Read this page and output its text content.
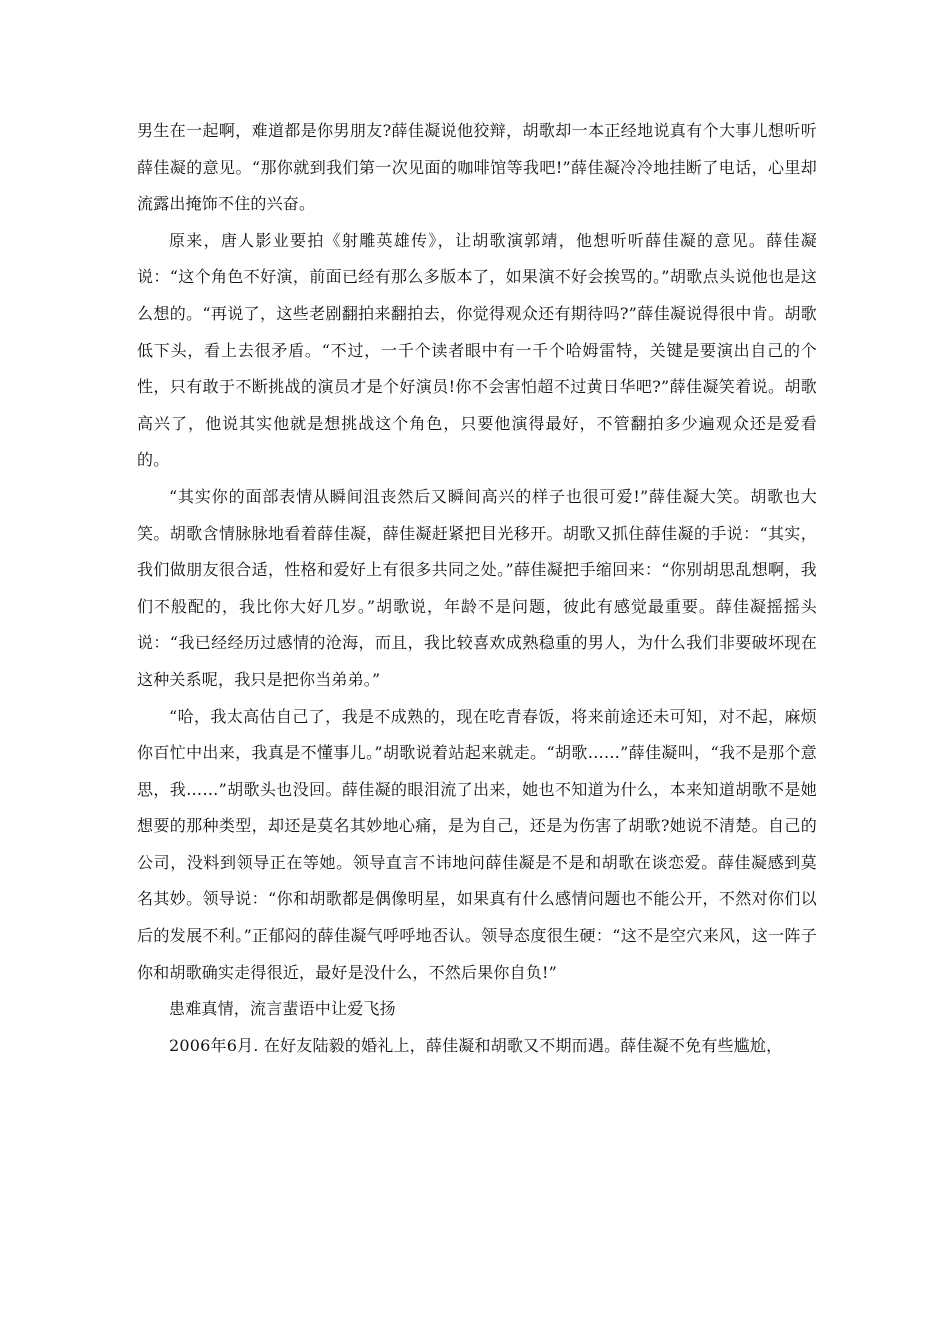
男生在一起啊，难道都是你男朋友?薛佳凝说他狡辩，胡歌却一本正经地说真有个大事儿想听听薛佳凝的意见。“那你就到我们第一次见面的咖啡馆等我吧!”薛佳凝冷冷地挂断了电话，心里却流露出掩饰不住的兴奋。

原来，唐人影业要拍《射雕英雄传》，让胡歌演郭靖，他想听听薛佳凝的意见。薛佳凝说：“这个角色不好演，前面已经有那么多版本了，如果演不好会挨骂的。”胡歌点头说他也是这么想的。“再说了，这些老剧翻拍来翻拍去，你觉得观众还有期待吗?”薛佳凝说得很中肯。胡歌低下头，看上去很矛盾。“不过，一千个读者眼中有一千个哈姆雷特，关键是要演出自己的个性，只有敢于不断挑战的演员才是个好演员!你不会害怕超不过黄日华吧?”薛佳凝笑着说。胡歌高兴了，他说其实他就是想挑战这个角色，只要他演得最好，不管翻拍多少遍观众还是爱看的。

“其实你的面部表情从瞬间沮丧然后又瞬间高兴的样子也很可爱!”薛佳凝大笑。胡歌也大笑。胡歌含情脉脉地看着薛佳凝，薛佳凝赶紧把目光移开。胡歌又抓住薛佳凝的手说：“其实，我们做朋友很合适，性格和爱好上有很多共同之处。”薛佳凝把手缩回来：“你别胡思乱想啊，我们不般配的，我比你大好几岁。”胡歌说，年龄不是问题，彼此有感觉最重要。薛佳凝摇摇头说：“我已经经历过感情的沧海，而且，我比较喜欢成熟稳重的男人，为什么我们非要破坏现在这种关系呢，我只是把你当弟弟。”

“哈，我太高估自己了，我是不成熟的，现在吃青春饭，将来前途还未可知，对不起，麻烦你百忙中出来，我真是不懂事儿。”胡歌说着站起来就走。“胡歌……”薛佳凝叫，“我不是那个意思，我……”胡歌头也没回。薛佳凝的眼泪流了出来，她也不知道为什么，本来知道胡歌不是她想要的那种类型，却还是莫名其妙地心痛，是为自己，还是为伤害了胡歌?她说不清楚。自己的公司，没料到领导正在等她。领导直言不讳地问薛佳凝是不是和胡歌在谈恋爱。薛佳凝感到莫名其妙。领导说：“你和胡歌都是偶像明星，如果真有什么感情问题也不能公开，不然对你们以后的发展不利。”正郁闷的薛佳凝气呼呼地否认。领导态度很生硬：“这不是空穴来风，这一阵子你和胡歌确实走得很近，最好是没什么，不然后果你自负!”

患难真情，流言蜚语中让爱飞扬

2006年6月. 在好友陆毅的婚礼上，薛佳凝和胡歌又不期而遇。薛佳凝不免有些尴尬，
